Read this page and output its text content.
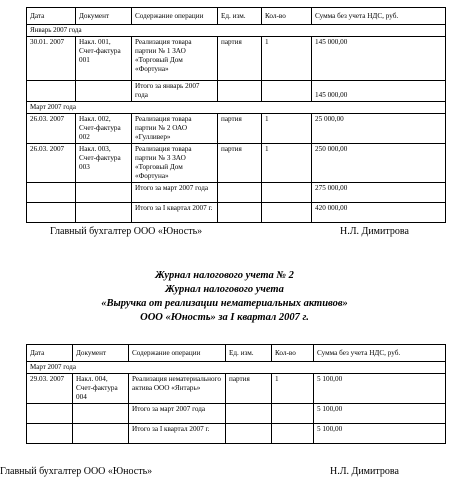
Дата	Документ	Содержание операции	Ед. изм.	Кол-во	Сумма без учета НДС, руб.
Январь 2007 года					
30.01. 2007	Накл. 001, Счет-фактура 001	Реализация товара партии № 1 ЗАО «Торговый Дом «Фортуна»	партия	1	145 000,00
		Итого за январь 2007 года			145 000,00
Март 2007 года					
26.03. 2007	Накл. 002, Счет-фактура 002	Реализация товара партии № 2 ОАО «Гулливер»	партия	1	25 000,00
26.03. 2007	Накл. 003, Счет-фактура 003	Реализация товара партии № 3 ЗАО «Торговый Дом «Фортуна»	партия	1	250 000,00
		Итого за март 2007 года			275 000,00
		Итого за I квартал 2007 г.			420 000,00
Главный бухгалтер ООО «Юность»	Н.Л. Димитрова
Журнал налогового учета № 2
Журнал налогового учета
«Выручка от реализации нематериальных активов»
ООО «Юность» за I квартал 2007 г.
Дата	Документ	Содержание операции	Ед. изм.	Кол-во	Сумма без учета НДС, руб.
Март 2007 года					
29.03. 2007	Накл. 004, Счет-фактура 004	Реализация нематериального актива ООО «Янтарь»	партия	1	5 100,00
		Итого за март 2007 года			5 100,00
		Итого за I квартал 2007 г.			5 100,00
Главный бухгалтер ООО «Юность»	Н.Л. Димитрова
